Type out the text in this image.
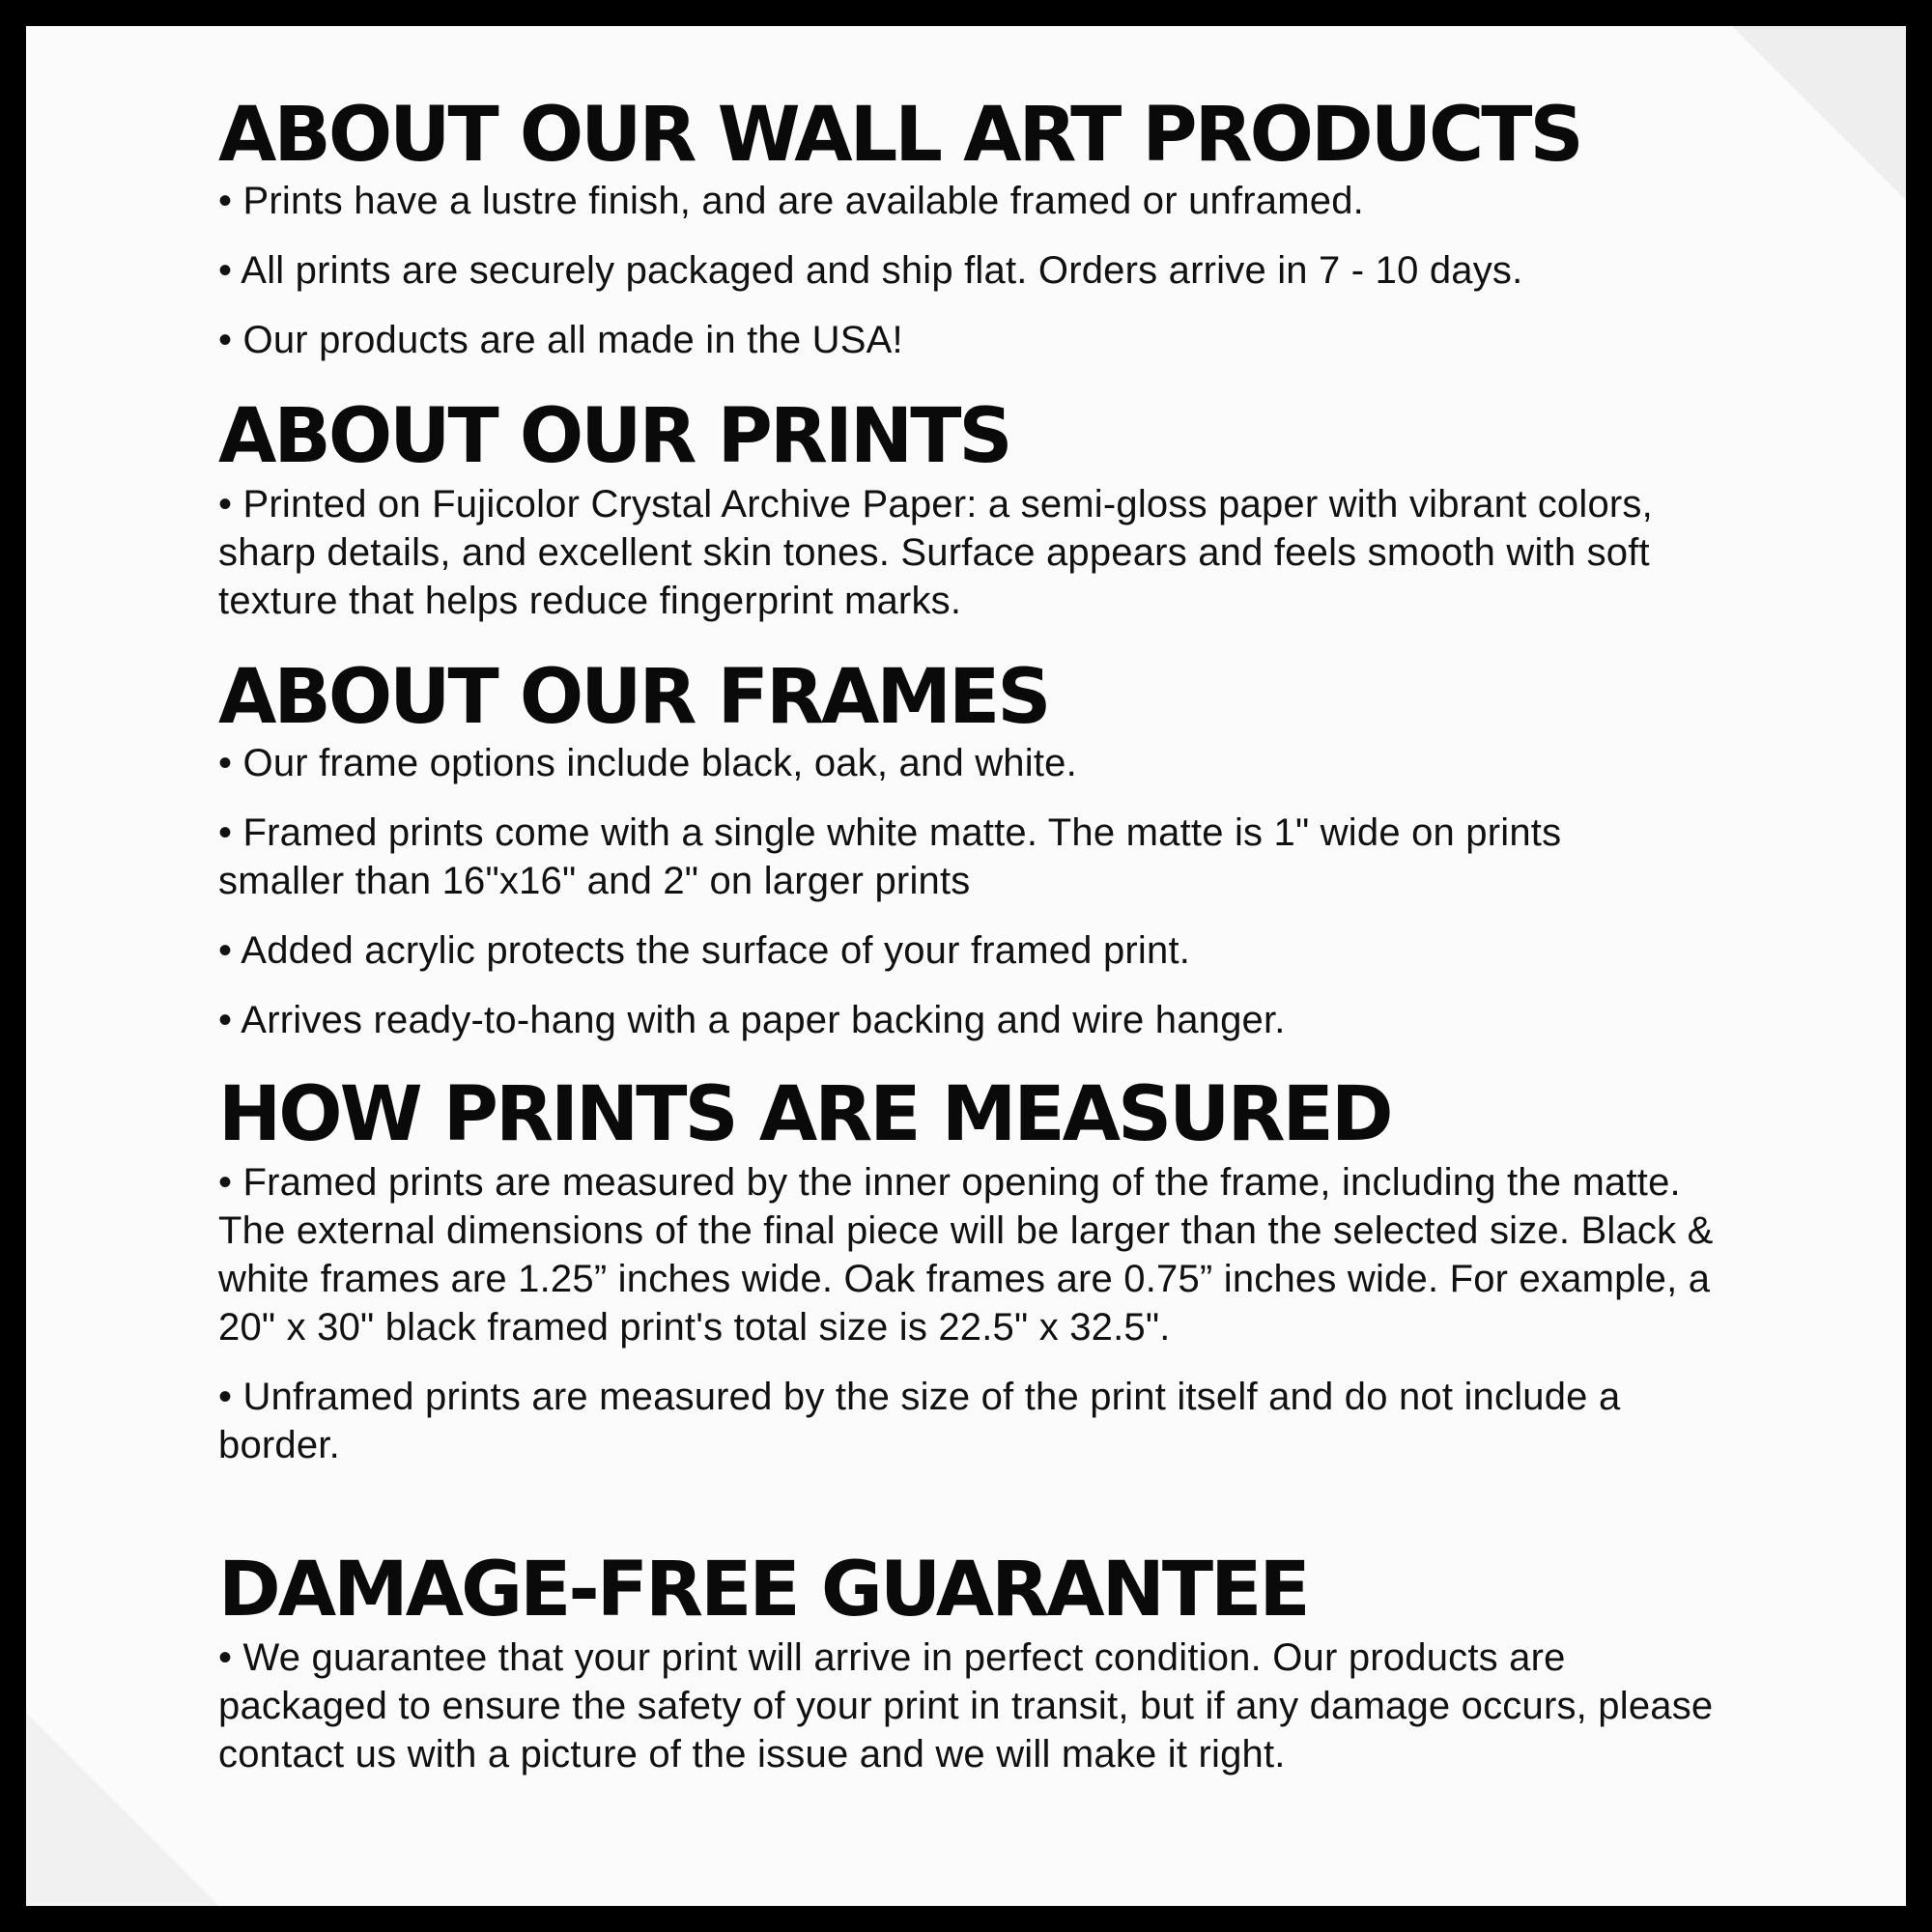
ABOUT OUR WALL ART PRODUCTS

• Prints have a lustre finish, and are available framed or unframed.

• All prints are securely packaged and ship flat. Orders arrive in 7 - 10 days.

• Our products are all made in the USA!

ABOUT OUR PRINTS

• Printed on Fujicolor Crystal Archive Paper: a semi-gloss paper with vibrant colors, sharp details, and excellent skin tones. Surface appears and feels smooth with soft texture that helps reduce fingerprint marks.

ABOUT OUR FRAMES

• Our frame options include black, oak, and white.

• Framed prints come with a single white matte. The matte is 1" wide on prints smaller than 16"x16" and 2" on larger prints

• Added acrylic protects the surface of your framed print.

• Arrives ready-to-hang with a paper backing and wire hanger.

HOW PRINTS ARE MEASURED

• Framed prints are measured by the inner opening of the frame, including the matte. The external dimensions of the final piece will be larger than the selected size. Black & white frames are 1.25” inches wide. Oak frames are 0.75” inches wide. For example, a 20" x 30" black framed print's total size is 22.5" x 32.5".

• Unframed prints are measured by the size of the print itself and do not include a border.

DAMAGE-FREE GUARANTEE

• We guarantee that your print will arrive in perfect condition. Our products are packaged to ensure the safety of your print in transit, but if any damage occurs, please contact us with a picture of the issue and we will make it right.
